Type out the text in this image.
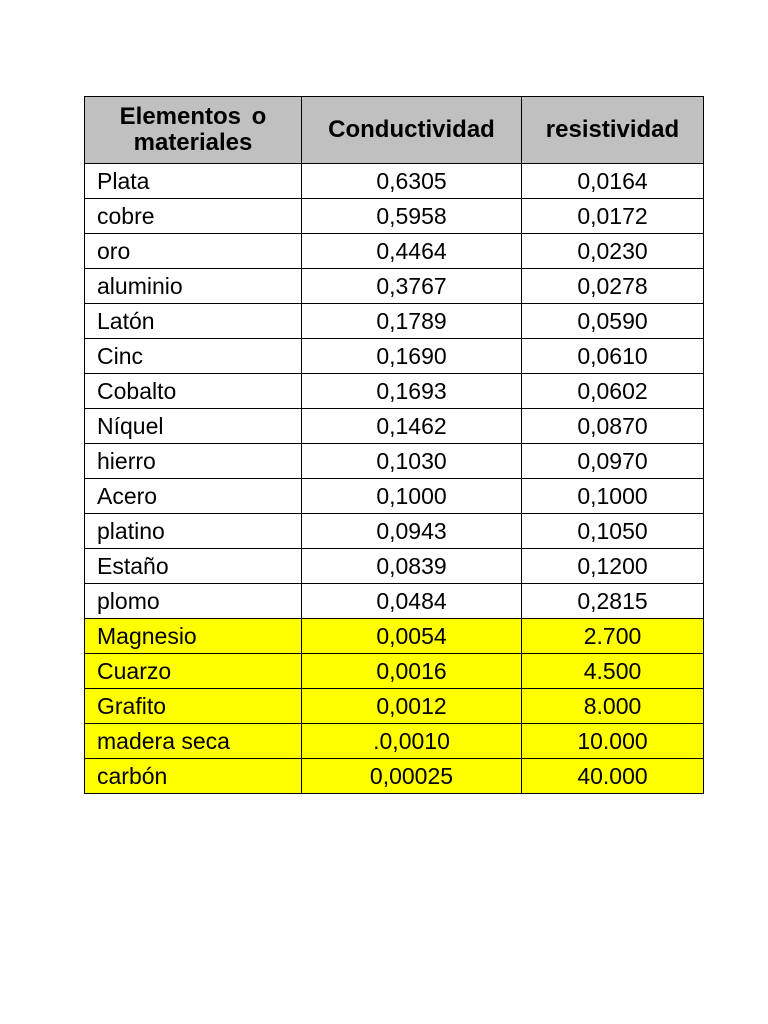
Elementos o materiales	Conductividad	resistividad
Plata	0,6305	0,0164
cobre	0,5958	0,0172
oro	0,4464	0,0230
aluminio	0,3767	0,0278
Latón	0,1789	0,0590
Cinc	0,1690	0,0610
Cobalto	0,1693	0,0602
Níquel	0,1462	0,0870
hierro	0,1030	0,0970
Acero	0,1000	0,1000
platino	0,0943	0,1050
Estaño	0,0839	0,1200
plomo	0,0484	0,2815
Magnesio	0,0054	2.700
Cuarzo	0,0016	4.500
Grafito	0,0012	8.000
madera seca	.0,0010	10.000
carbón	0,00025	40.000
